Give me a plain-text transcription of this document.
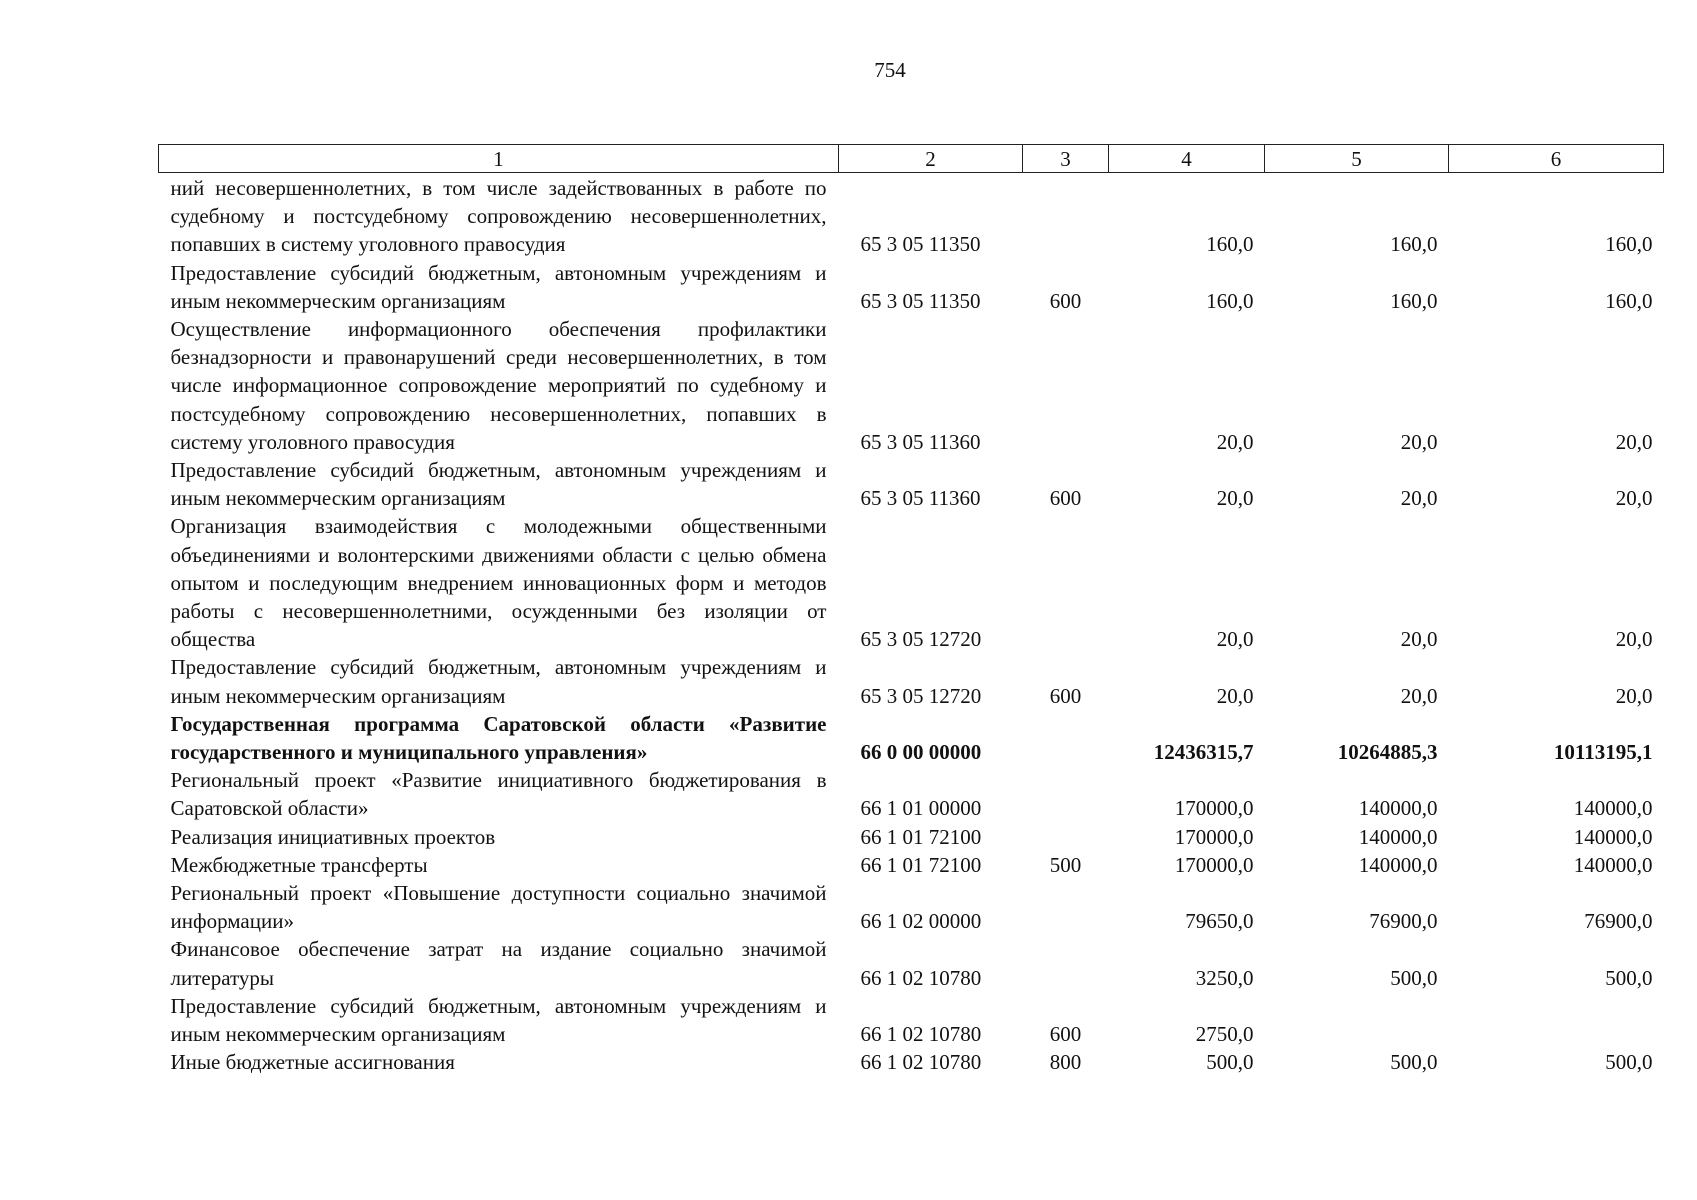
754
1	2	3	4	5	6
ний несовершеннолетних, в том числе задействованных в работе по судебному и постсудебному сопровождению несовершеннолетних, попавших в систему уголовного правосудия	65 3 05 11350		160,0	160,0	160,0
Предоставление субсидий бюджетным, автономным учреждениям и иным некоммерческим организациям	65 3 05 11350	600	160,0	160,0	160,0
Осуществление информационного обеспечения профилактики безнадзорности и правонарушений среди несовершеннолетних, в том числе информационное сопровождение мероприятий по судебному и постсудебному сопровождению несовершеннолетних, попавших в систему уголовного правосудия	65 3 05 11360		20,0	20,0	20,0
Предоставление субсидий бюджетным, автономным учреждениям и иным некоммерческим организациям	65 3 05 11360	600	20,0	20,0	20,0
Организация взаимодействия с молодежными общественными объединениями и волонтерскими движениями области с целью обмена опытом и последующим внедрением инновационных форм и методов работы с несовершеннолетними, осужденными без изоляции от общества	65 3 05 12720		20,0	20,0	20,0
Предоставление субсидий бюджетным, автономным учреждениям и иным некоммерческим организациям	65 3 05 12720	600	20,0	20,0	20,0
Государственная программа Саратовской области «Развитие государственного и муниципального управления»	66 0 00 00000		12436315,7	10264885,3	10113195,1
Региональный проект «Развитие инициативного бюджетирования в Саратовской области»	66 1 01 00000		170000,0	140000,0	140000,0
Реализация инициативных проектов	66 1 01 72100		170000,0	140000,0	140000,0
Межбюджетные трансферты	66 1 01 72100	500	170000,0	140000,0	140000,0
Региональный проект «Повышение доступности социально значимой информации»	66 1 02 00000		79650,0	76900,0	76900,0
Финансовое обеспечение затрат на издание социально значимой литературы	66 1 02 10780		3250,0	500,0	500,0
Предоставление субсидий бюджетным, автономным учреждениям и иным некоммерческим организациям	66 1 02 10780	600	2750,0		
Иные бюджетные ассигнования	66 1 02 10780	800	500,0	500,0	500,0
